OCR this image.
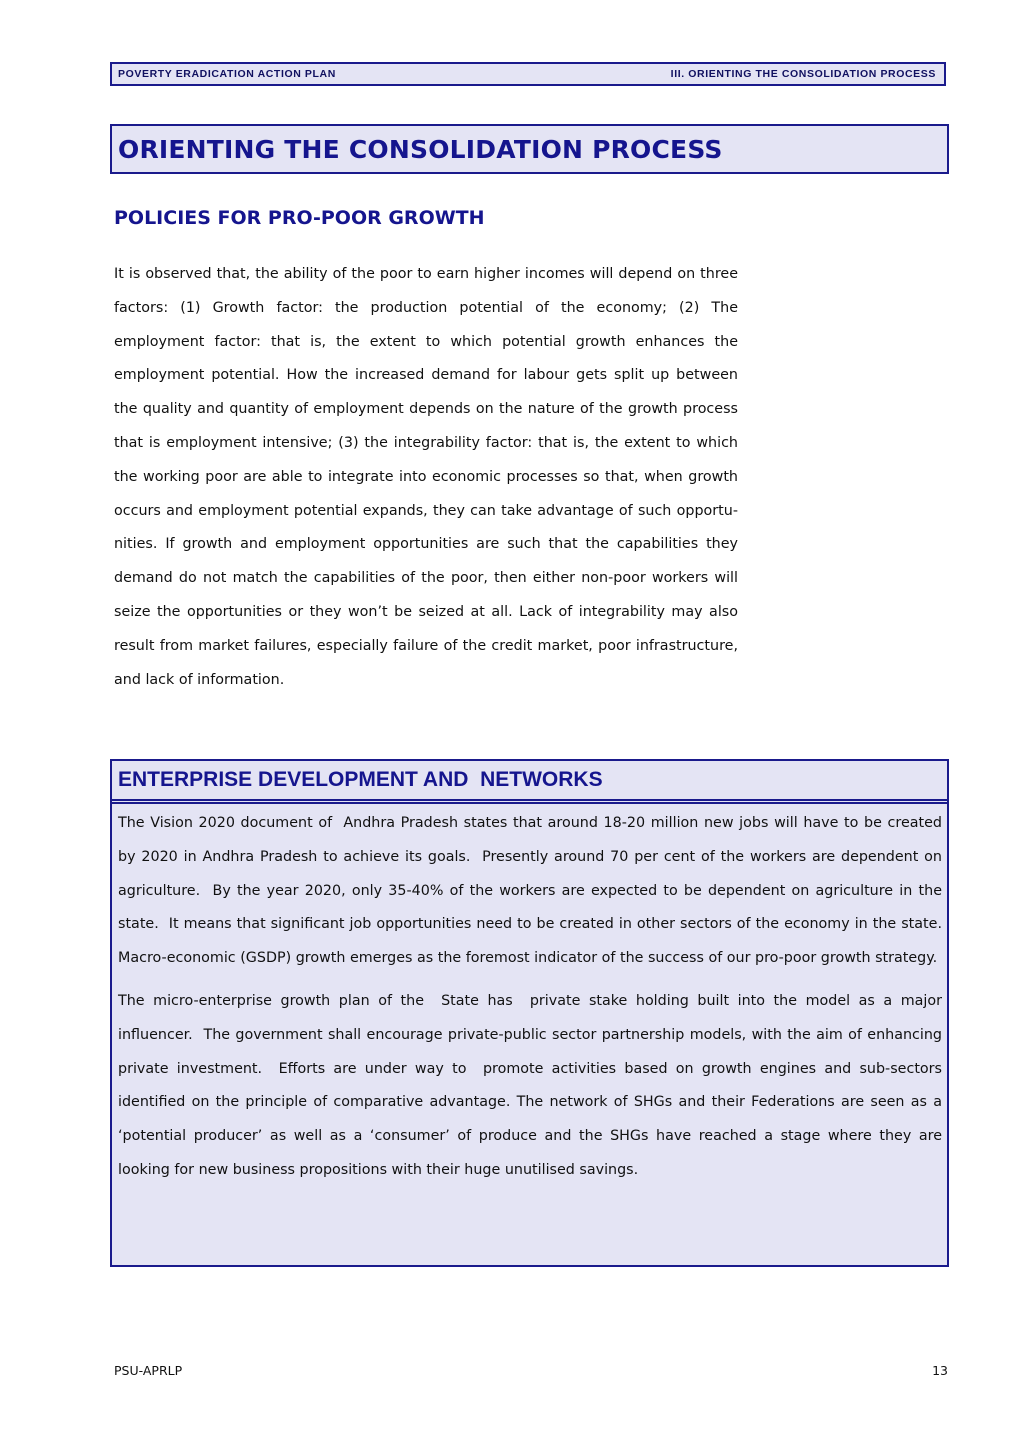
POVERTY ERADICATION ACTION PLAN	III. ORIENTING THE CONSOLIDATION PROCESS
ORIENTING THE CONSOLIDATION PROCESS
POLICIES FOR PRO-POOR GROWTH

It is observed that, the ability of the poor to earn higher incomes will depend on three factors: (1) Growth factor: the production potential of the economy; (2) The employment factor: that is, the extent to which potential growth enhances the employment potential. How the increased demand for labour gets split up between the quality and quantity of employment depends on the nature of the growth process that is employment intensive; (3) the integrability factor: that is, the extent to which the working poor are able to integrate into economic processes so that, when growth occurs and employment potential expands, they can take advantage of such opportunities. If growth and employment opportunities are such that the capabilities they demand do not match the capabilities of the poor, then either non-poor workers will seize the opportunities or they won’t be seized at all. Lack of integrability may also result from market failures, especially failure of the credit market, poor infrastructure, and lack of information.

ENTERPRISE DEVELOPMENT AND  NETWORKS

The Vision 2020 document of  Andhra Pradesh states that around 18-20 million new jobs will have to be created by 2020 in Andhra Pradesh to achieve its goals.  Presently around 70 per cent of the workers are dependent on agriculture.  By the year 2020, only 35-40% of the workers are expected to be dependent on agriculture in the state.  It means that significant job opportunities need to be created in other sectors of the economy in the state.  Macro-economic (GSDP) growth emerges as the foremost indicator of the success of our pro-poor growth strategy.

The micro-enterprise growth plan of the  State has  private stake holding built into the model as a major influencer.  The government shall encourage private-public sector partnership models, with the aim of enhancing  private investment.  Efforts are under way to  promote activities based on growth engines and sub-sectors identified on the principle of comparative advantage. The network of SHGs and their Federations are seen as a ‘potential producer’ as well as a ‘consumer’ of produce and the SHGs have reached a stage where they are looking for new business propositions with their huge unutilised savings.

PSU-APRLP	13
